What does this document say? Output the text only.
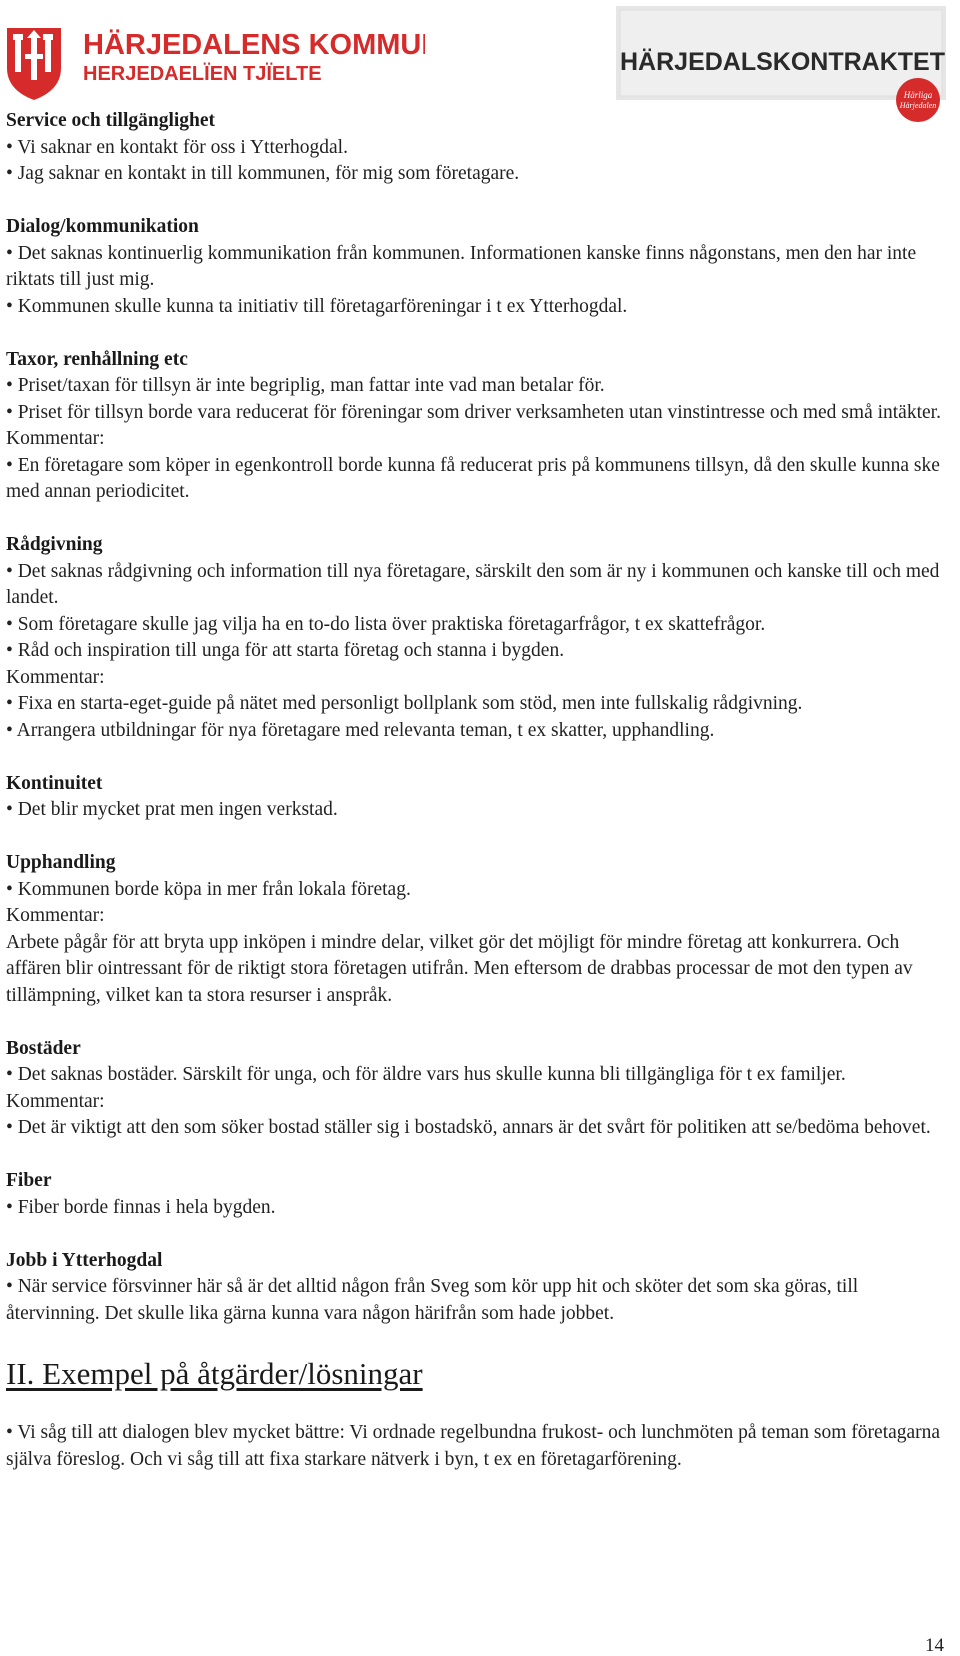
HÄRJEDALENS KOMMUN
HERJEDAELÏEN TJÏELTE	HÄRJEDALSKONTRAKTET
Härliga
Härjedalen
Service och tillgänglighet

• Vi saknar en kontakt för oss i Ytterhogdal.

• Jag saknar en kontakt in till kommunen, för mig som företagare.

Dialog/kommunikation

• Det saknas kontinuerlig kommunikation från kommunen. Informationen kanske finns någonstans, men den har inte riktats till just mig.

• Kommunen skulle kunna ta initiativ till företagarföreningar i t ex Ytterhogdal.

Taxor, renhållning etc

• Priset/taxan för tillsyn är inte begriplig, man fattar inte vad man betalar för.

• Priset för tillsyn borde vara reducerat för föreningar som driver verksamheten utan vinstintresse och med små intäkter.

Kommentar:

• En företagare som köper in egenkontroll borde kunna få reducerat pris på kommunens tillsyn, då den skulle kunna ske med annan periodicitet.

Rådgivning

• Det saknas rådgivning och information till nya företagare, särskilt den som är ny i kommunen och kanske till och med landet.

• Som företagare skulle jag vilja ha en to-do lista över praktiska företagarfrågor, t ex skattefrågor.

• Råd och inspiration till unga för att starta företag och stanna i bygden.

Kommentar:

• Fixa en starta-eget-guide på nätet med personligt bollplank som stöd, men inte fullskalig rådgivning.

• Arrangera utbildningar för nya företagare med relevanta teman, t ex skatter, upphandling.

Kontinuitet

• Det blir mycket prat men ingen verkstad.

Upphandling

• Kommunen borde köpa in mer från lokala företag.

Kommentar:

Arbete pågår för att bryta upp inköpen i mindre delar, vilket gör det möjligt för mindre företag att konkurrera. Och affären blir ointressant för de riktigt stora företagen utifrån. Men eftersom de drabbas processar de mot den typen av tillämpning, vilket kan ta stora resurser i anspråk.

Bostäder

• Det saknas bostäder. Särskilt för unga, och för äldre vars hus skulle kunna bli tillgängliga för t ex familjer.

Kommentar:

• Det är viktigt att den som söker bostad ställer sig i bostadskö, annars är det svårt för politiken att se/bedöma behovet.

Fiber

• Fiber borde finnas i hela bygden.

Jobb i Ytterhogdal

• När service försvinner här så är det alltid någon från Sveg som kör upp hit och sköter det som ska göras, till återvinning. Det skulle lika gärna kunna vara någon härifrån som hade jobbet.

II. Exempel på åtgärder/lösningar

• Vi såg till att dialogen blev mycket bättre: Vi ordnade regelbundna frukost- och lunchmöten på teman som företagarna själva föreslog. Och vi såg till att fixa starkare nätverk i byn, t ex en företagarförening.

14
